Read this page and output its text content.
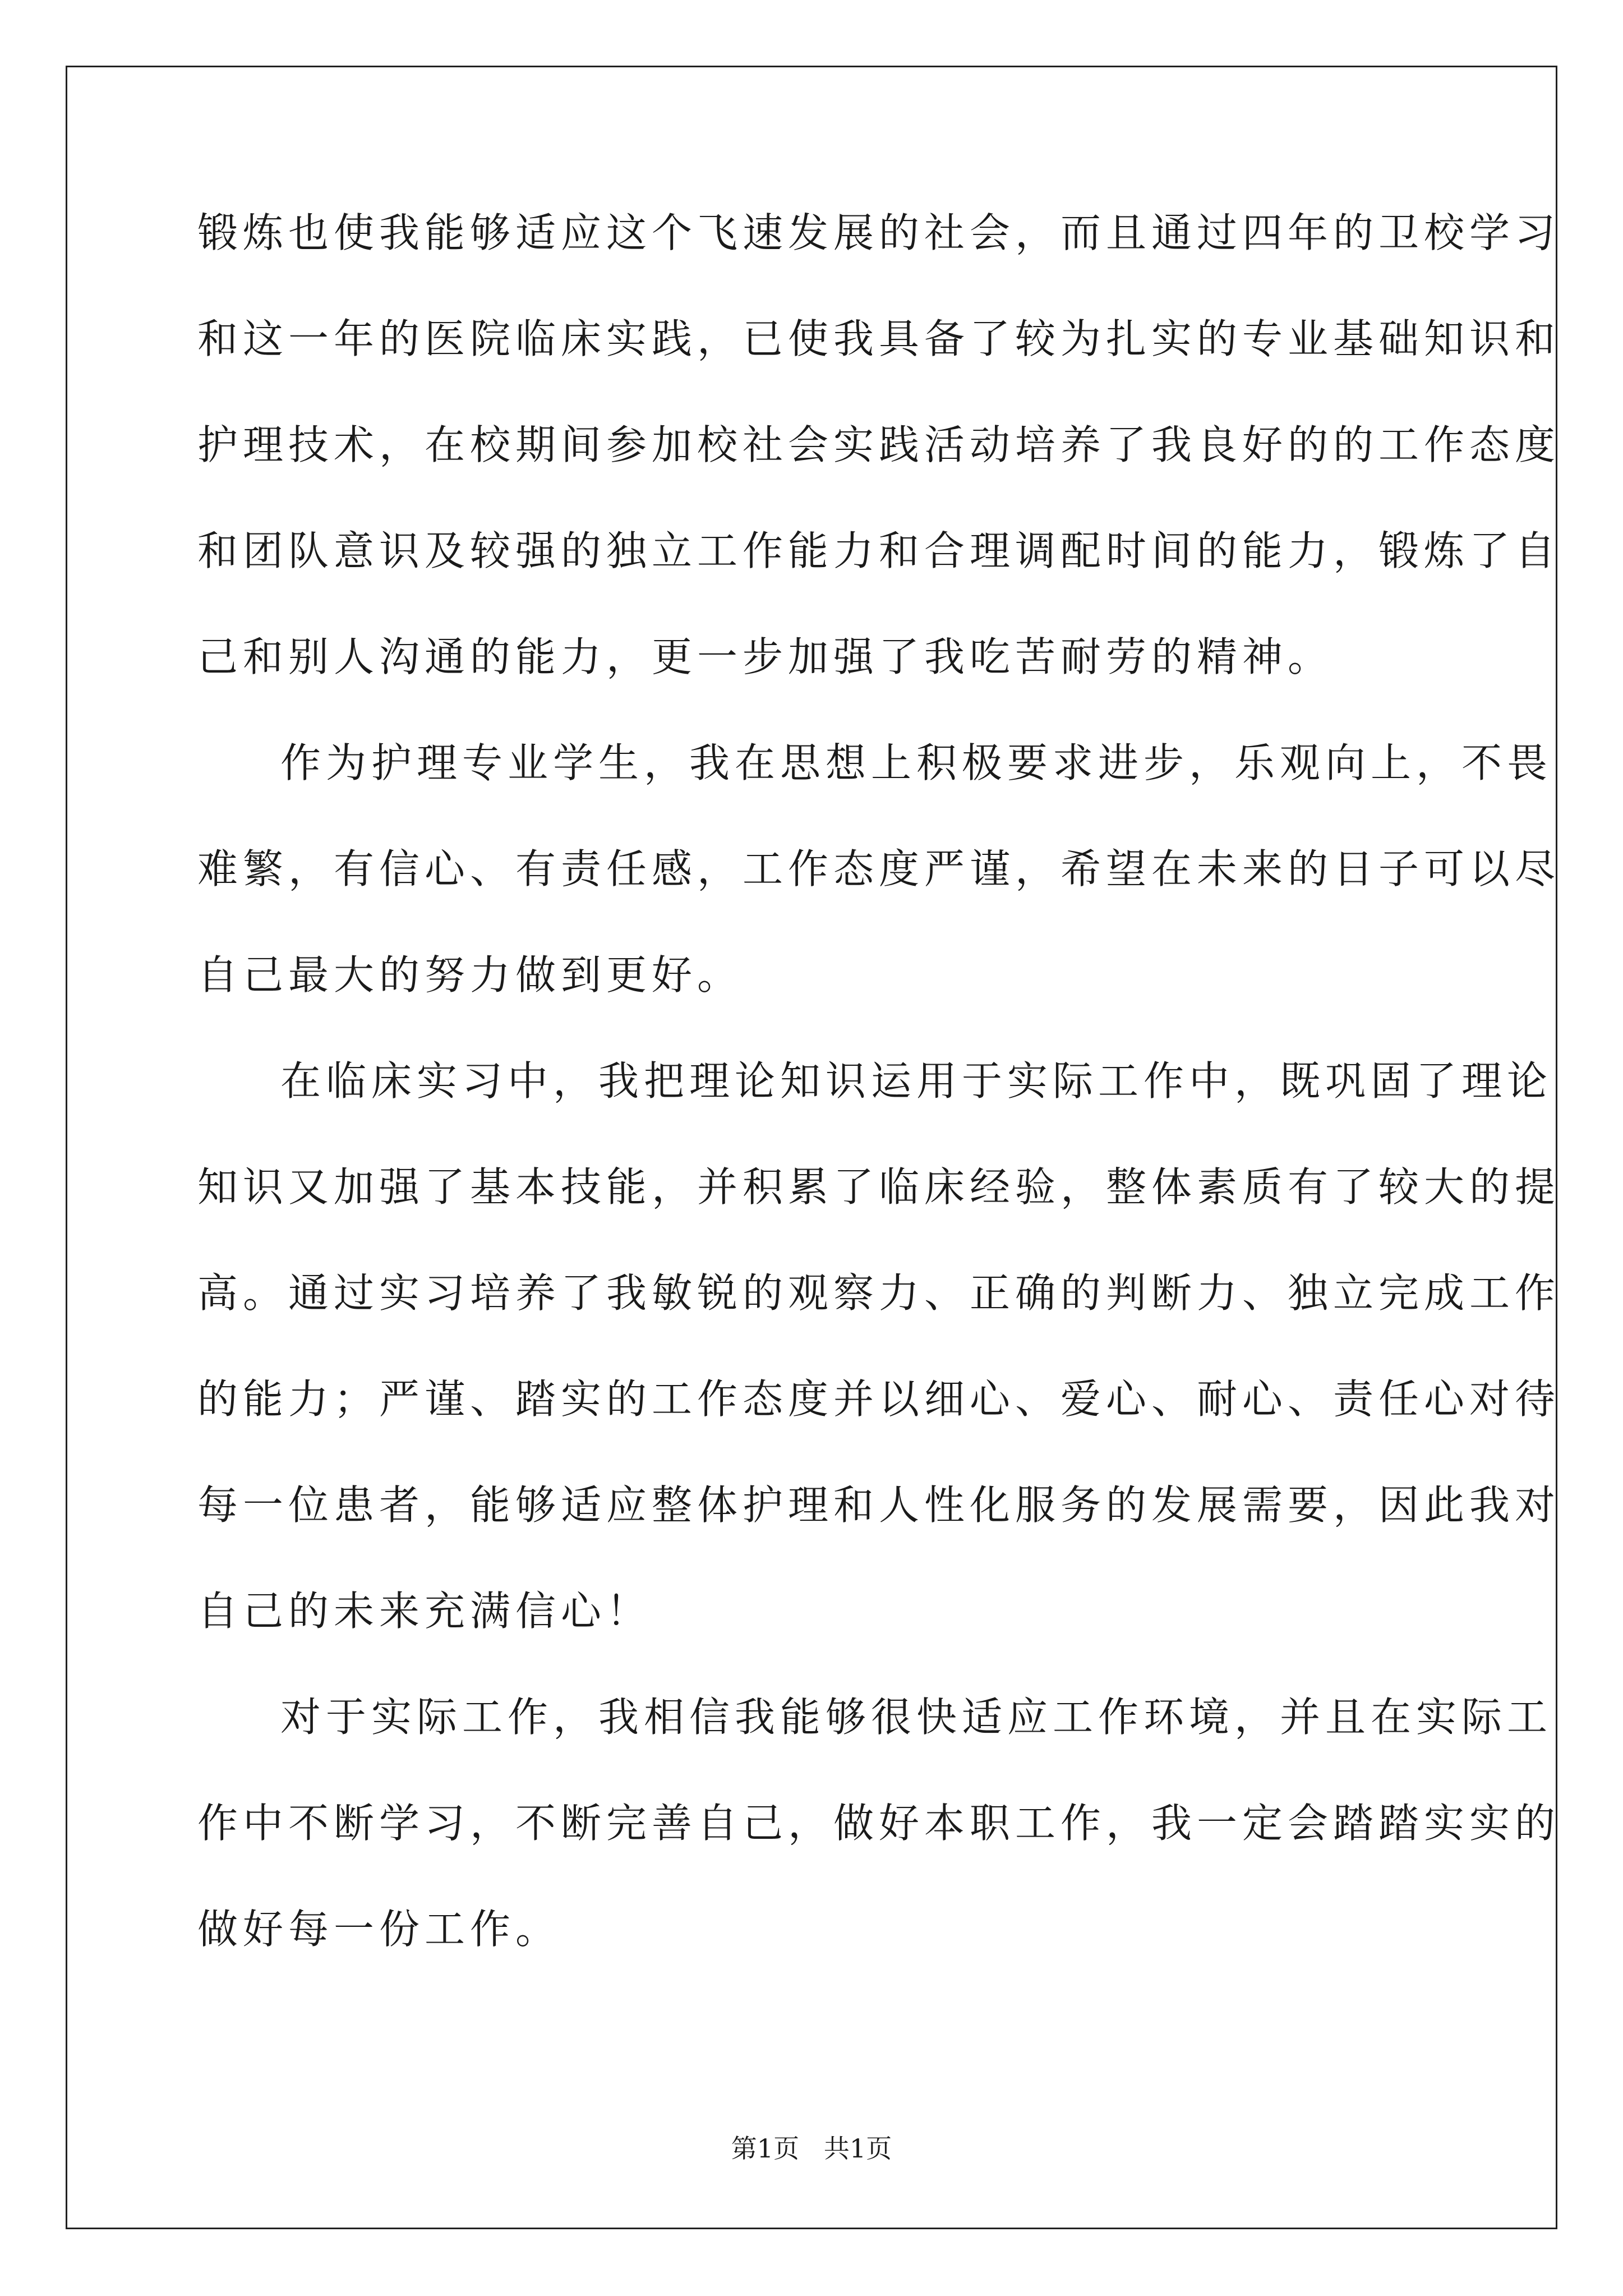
锻炼也使我能够适应这个飞速发展的社会，而且通过四年的卫校学习
和这一年的医院临床实践，已使我具备了较为扎实的专业基础知识和
护理技术，在校期间参加校社会实践活动培养了我良好的的工作态度
和团队意识及较强的独立工作能力和合理调配时间的能力，锻炼了自
己和别人沟通的能力，更一步加强了我吃苦耐劳的精神。
作为护理专业学生，我在思想上积极要求进步，乐观向上，不畏
难繁，有信心、有责任感，工作态度严谨，希望在未来的日子可以尽
自己最大的努力做到更好。
在临床实习中，我把理论知识运用于实际工作中，既巩固了理论
知识又加强了基本技能，并积累了临床经验，整体素质有了较大的提
高。通过实习培养了我敏锐的观察力、正确的判断力、独立完成工作
的能力；严谨、踏实的工作态度并以细心、爱心、耐心、责任心对待
每一位患者，能够适应整体护理和人性化服务的发展需要，因此我对
自己的未来充满信心！
对于实际工作，我相信我能够很快适应工作环境，并且在实际工
作中不断学习，不断完善自己，做好本职工作，我一定会踏踏实实的
做好每一份工作。
第1页   共1页
